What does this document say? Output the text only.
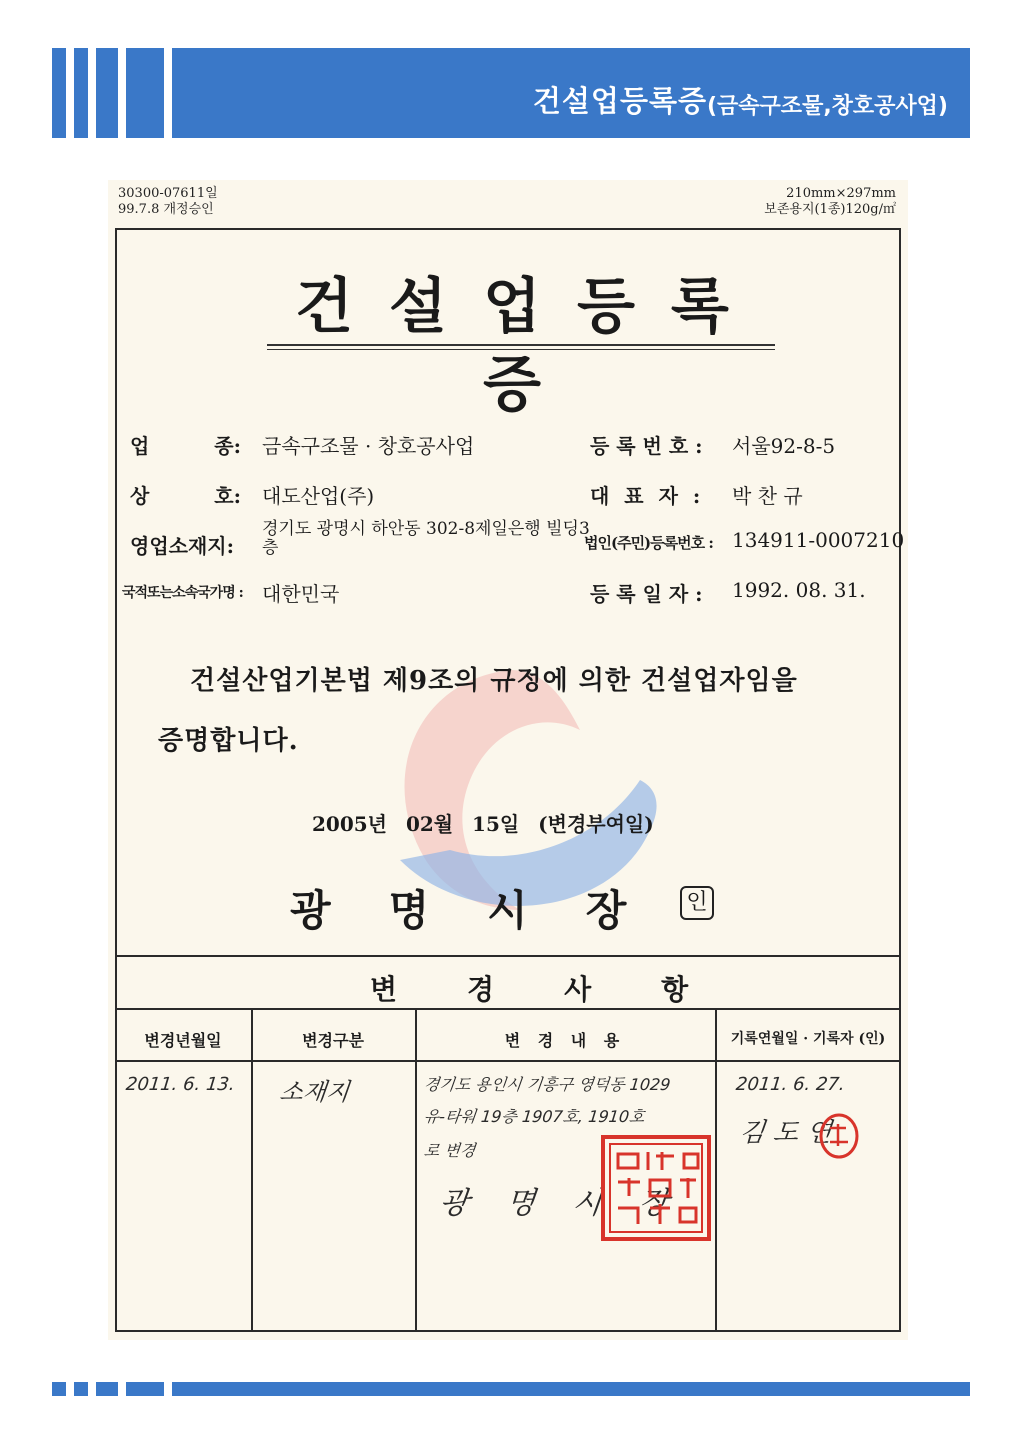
건설업등록증 (금속구조물,창호공사업)
30300-07611일
99.7.8 개정승인
210mm×297mm
보존용지(1종)120g/㎡
건설업등록증
업 종: 금속구조물 · 창호공사업
상 호: 대도산업(주)
영업소재지:
경기도 광명시 하안동 302-8제일은행 빌딩3층
국적또는소속국가명 : 대한민국
등 록 번 호 : 서울92-8-5
대 표 자 : 박 찬 규
법인(주민)등록번호 : 134911-0007210
등 록 일 자 : 1992. 08. 31.
건설산업기본법 제9조의 규정에 의한 건설업자임을
증명합니다.
2005년 02월 15일 (변경부여일)
광명시장 인
변경사항
변경년월일	변경구분	변 경 내 용	기록연월일 · 기록자 (인)
2011. 6. 13. 소재지	경기도 용인시 기흥구 영덕동 1029
유-타워 19층 1907호, 1910호
로 변경
광 명 시 장
2011. 6. 27.
김 도 연
